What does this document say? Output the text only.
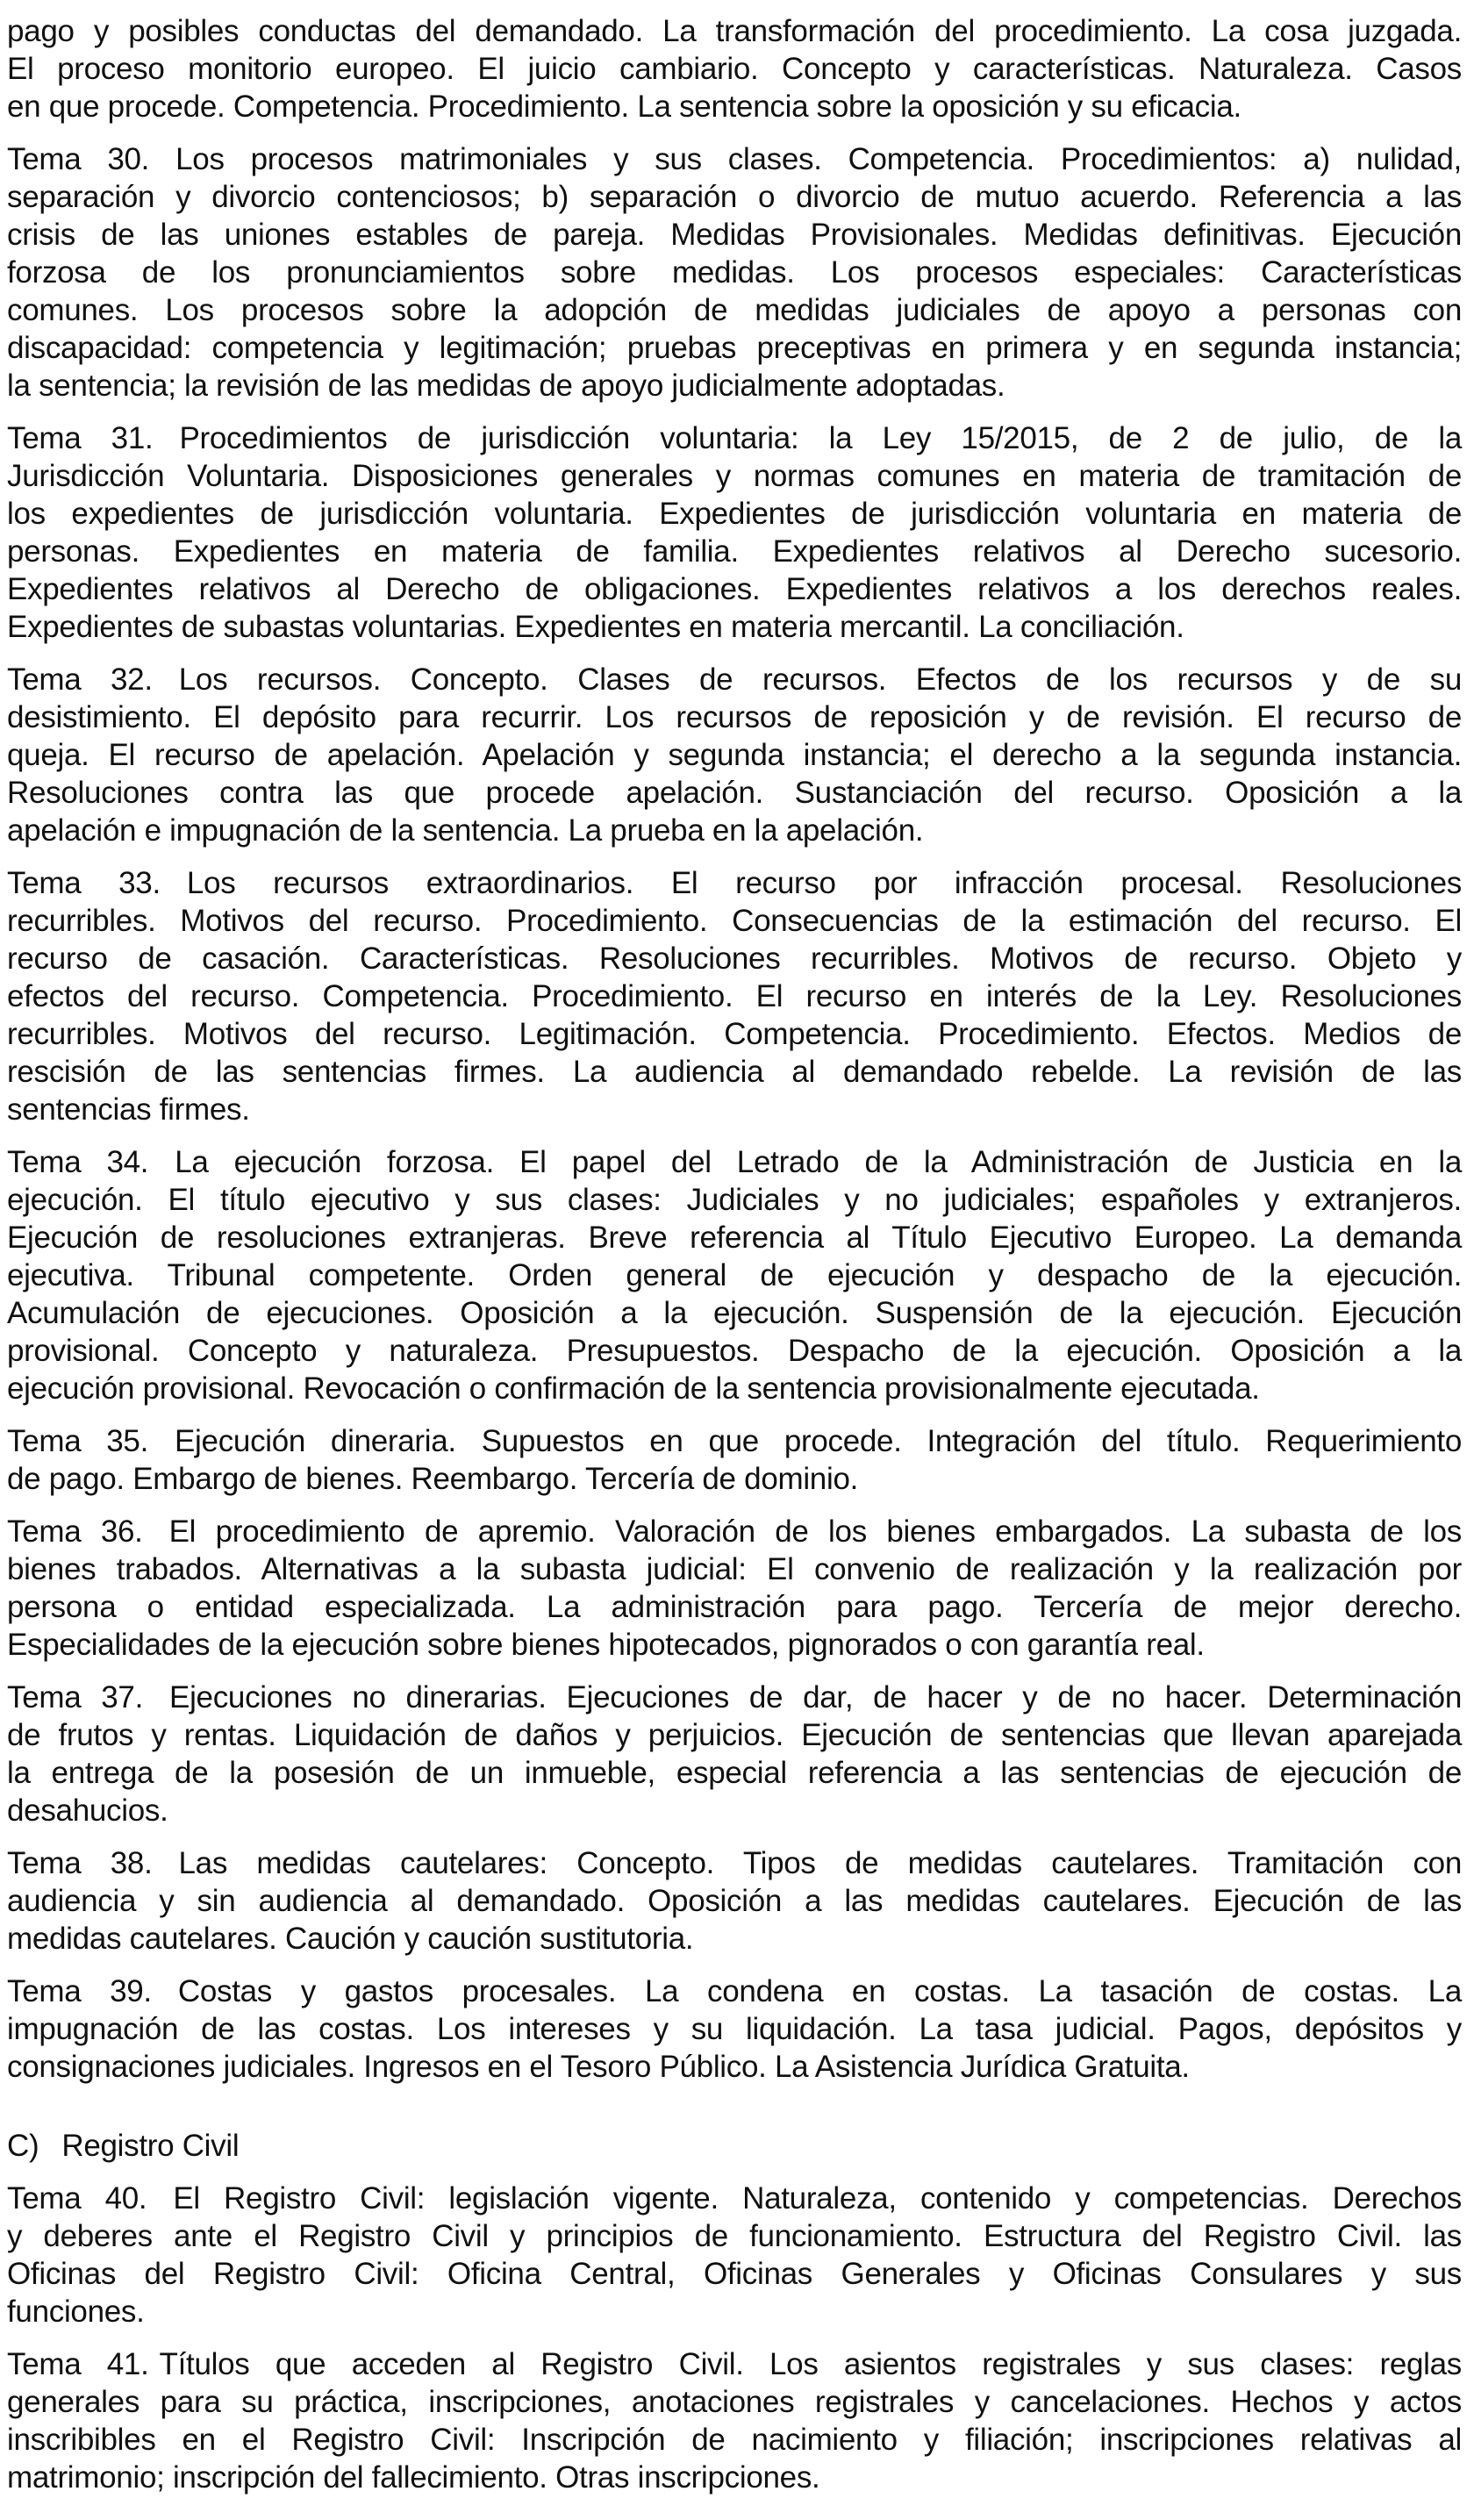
pago y posibles conductas del demandado. La transformación del procedimiento. La cosa juzgada.
El proceso monitorio europeo. El juicio cambiario. Concepto y características. Naturaleza. Casos
en que procede. Competencia. Procedimiento. La sentencia sobre la oposición y su eficacia.
Tema 30. Los procesos matrimoniales y sus clases. Competencia. Procedimientos: a) nulidad,
separación y divorcio contenciosos; b) separación o divorcio de mutuo acuerdo. Referencia a las
crisis de las uniones estables de pareja. Medidas Provisionales. Medidas definitivas. Ejecución
forzosa de los pronunciamientos sobre medidas. Los procesos especiales: Características
comunes. Los procesos sobre la adopción de medidas judiciales de apoyo a personas con
discapacidad: competencia y legitimación; pruebas preceptivas en primera y en segunda instancia;
la sentencia; la revisión de las medidas de apoyo judicialmente adoptadas.
Tema 31. Procedimientos de jurisdicción voluntaria: la Ley 15/2015, de 2 de julio, de la
Jurisdicción Voluntaria. Disposiciones generales y normas comunes en materia de tramitación de
los expedientes de jurisdicción voluntaria. Expedientes de jurisdicción voluntaria en materia de
personas. Expedientes en materia de familia. Expedientes relativos al Derecho sucesorio.
Expedientes relativos al Derecho de obligaciones. Expedientes relativos a los derechos reales.
Expedientes de subastas voluntarias. Expedientes en materia mercantil. La conciliación.
Tema 32. Los recursos. Concepto. Clases de recursos. Efectos de los recursos y de su
desistimiento. El depósito para recurrir. Los recursos de reposición y de revisión. El recurso de
queja. El recurso de apelación. Apelación y segunda instancia; el derecho a la segunda instancia.
Resoluciones contra las que procede apelación. Sustanciación del recurso. Oposición a la
apelación e impugnación de la sentencia. La prueba en la apelación.
Tema 33. Los recursos extraordinarios. El recurso por infracción procesal. Resoluciones
recurribles. Motivos del recurso. Procedimiento. Consecuencias de la estimación del recurso. El
recurso de casación. Características. Resoluciones recurribles. Motivos de recurso. Objeto y
efectos del recurso. Competencia. Procedimiento. El recurso en interés de la Ley. Resoluciones
recurribles. Motivos del recurso. Legitimación. Competencia. Procedimiento. Efectos. Medios de
rescisión de las sentencias firmes. La audiencia al demandado rebelde. La revisión de las
sentencias firmes.
Tema 34. La ejecución forzosa. El papel del Letrado de la Administración de Justicia en la
ejecución. El título ejecutivo y sus clases: Judiciales y no judiciales; españoles y extranjeros.
Ejecución de resoluciones extranjeras. Breve referencia al Título Ejecutivo Europeo. La demanda
ejecutiva. Tribunal competente. Orden general de ejecución y despacho de la ejecución.
Acumulación de ejecuciones. Oposición a la ejecución. Suspensión de la ejecución. Ejecución
provisional. Concepto y naturaleza. Presupuestos. Despacho de la ejecución. Oposición a la
ejecución provisional. Revocación o confirmación de la sentencia provisionalmente ejecutada.
Tema 35. Ejecución dineraria. Supuestos en que procede. Integración del título. Requerimiento
de pago. Embargo de bienes. Reembargo. Tercería de dominio.
Tema 36. El procedimiento de apremio. Valoración de los bienes embargados. La subasta de los
bienes trabados. Alternativas a la subasta judicial: El convenio de realización y la realización por
persona o entidad especializada. La administración para pago. Tercería de mejor derecho.
Especialidades de la ejecución sobre bienes hipotecados, pignorados o con garantía real.
Tema 37. Ejecuciones no dinerarias. Ejecuciones de dar, de hacer y de no hacer. Determinación
de frutos y rentas. Liquidación de daños y perjuicios. Ejecución de sentencias que llevan aparejada
la entrega de la posesión de un inmueble, especial referencia a las sentencias de ejecución de
desahucios.
Tema 38. Las medidas cautelares: Concepto. Tipos de medidas cautelares. Tramitación con
audiencia y sin audiencia al demandado. Oposición a las medidas cautelares. Ejecución de las
medidas cautelares. Caución y caución sustitutoria.
Tema 39. Costas y gastos procesales. La condena en costas. La tasación de costas. La
impugnación de las costas. Los intereses y su liquidación. La tasa judicial. Pagos, depósitos y
consignaciones judiciales. Ingresos en el Tesoro Público. La Asistencia Jurídica Gratuita.
C) Registro Civil
Tema 40. El Registro Civil: legislación vigente. Naturaleza, contenido y competencias. Derechos
y deberes ante el Registro Civil y principios de funcionamiento. Estructura del Registro Civil. las
Oficinas del Registro Civil: Oficina Central, Oficinas Generales y Oficinas Consulares y sus
funciones.
Tema 41. Títulos que acceden al Registro Civil. Los asientos registrales y sus clases: reglas
generales para su práctica, inscripciones, anotaciones registrales y cancelaciones. Hechos y actos
inscribibles en el Registro Civil: Inscripción de nacimiento y filiación; inscripciones relativas al
matrimonio; inscripción del fallecimiento. Otras inscripciones.
